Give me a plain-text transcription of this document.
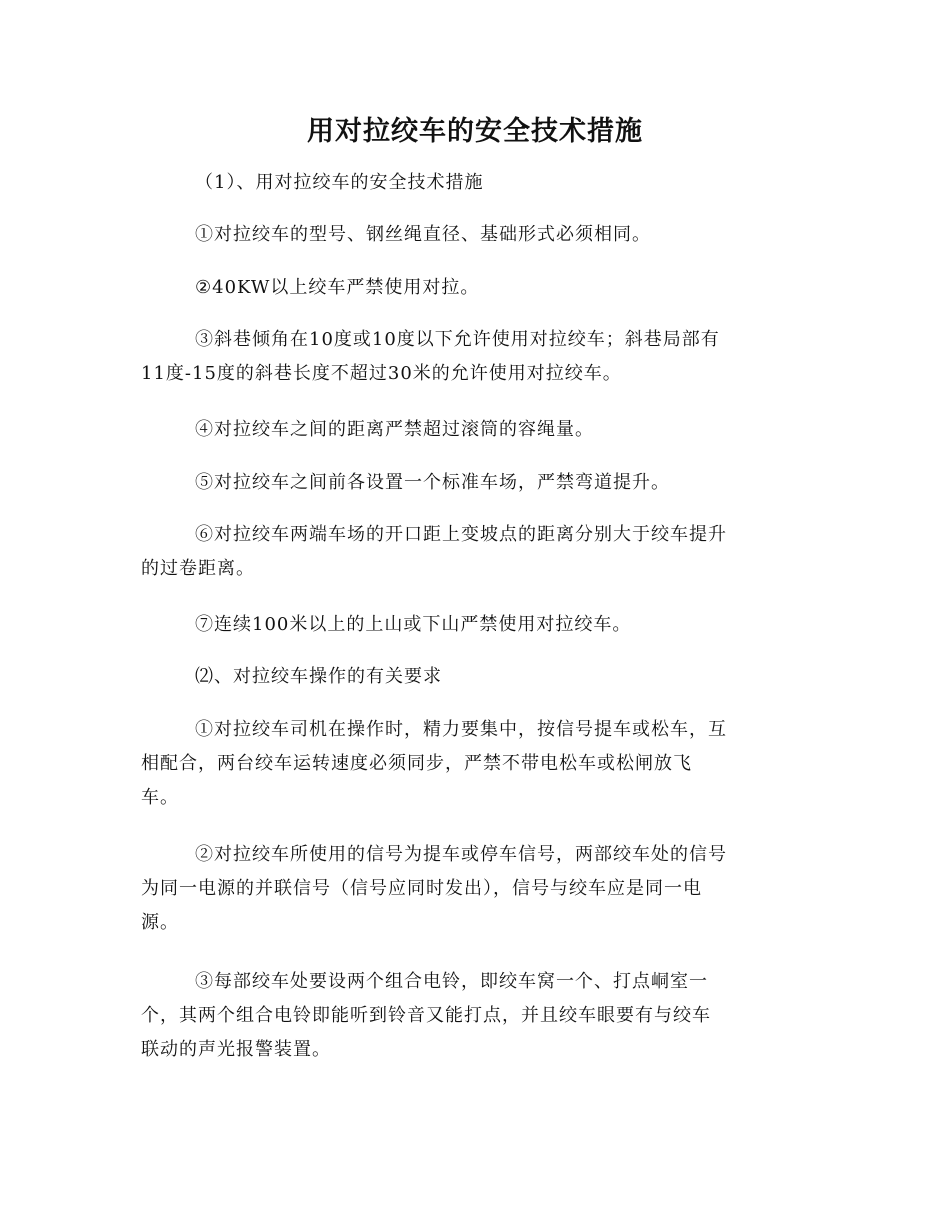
用对拉绞车的安全技术措施

（1）、用对拉绞车的安全技术措施

①对拉绞车的型号、钢丝绳直径、基础形式必须相同。

②40KW以上绞车严禁使用对拉。

③斜巷倾角在10度或10度以下允许使用对拉绞车；斜巷局部有
11度-15度的斜巷长度不超过30米的允许使用对拉绞车。

④对拉绞车之间的距离严禁超过滚筒的容绳量。

⑤对拉绞车之间前各设置一个标准车场，严禁弯道提升。

⑥对拉绞车两端车场的开口距上变坡点的距离分别大于绞车提升
的过卷距离。

⑦连续100米以上的上山或下山严禁使用对拉绞车。

⑵、对拉绞车操作的有关要求

①对拉绞车司机在操作时，精力要集中，按信号提车或松车，互
相配合，两台绞车运转速度必须同步，严禁不带电松车或松闸放飞
车。

②对拉绞车所使用的信号为提车或停车信号，两部绞车处的信号
为同一电源的并联信号（信号应同时发出），信号与绞车应是同一电
源。

③每部绞车处要设两个组合电铃，即绞车窝一个、打点峒室一
个，其两个组合电铃即能听到铃音又能打点，并且绞车眼要有与绞车
联动的声光报警装置。
